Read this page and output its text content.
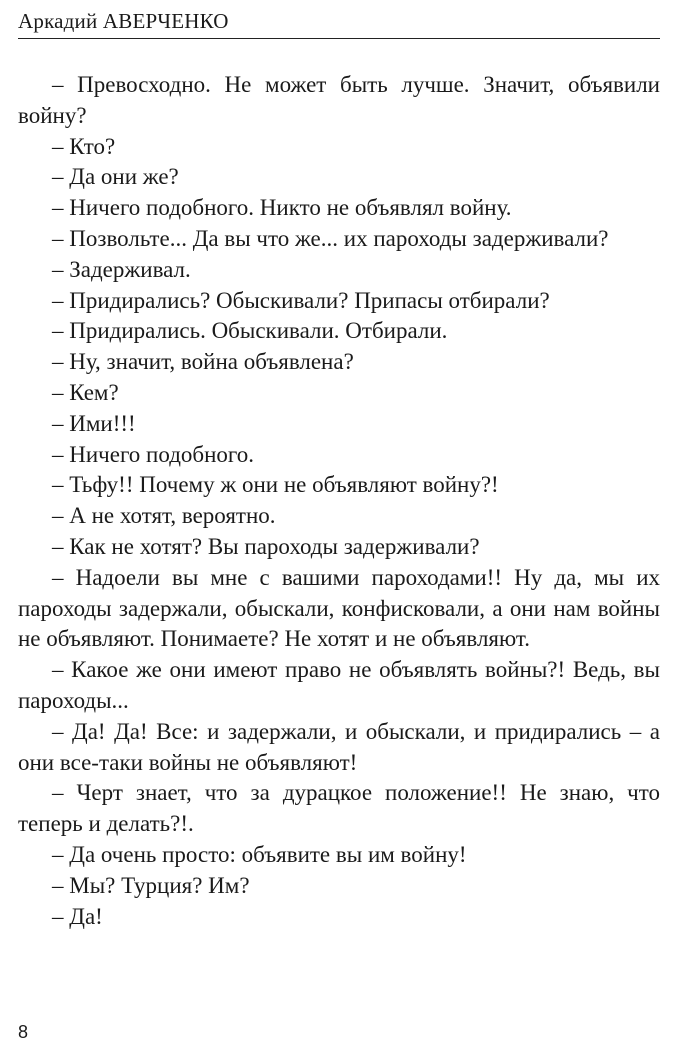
Аркадий АВЕРЧЕНКО

– Превосходно. Не может быть лучше. Значит, объявили войну?

– Кто?

– Да они же?

– Ничего подобного. Никто не объявлял войну.

– Позвольте... Да вы что же... их пароходы задерживали?

– Задерживал.

– Придирались? Обыскивали? Припасы отбирали?

– Придирались. Обыскивали. Отбирали.

– Ну, значит, война объявлена?

– Кем?

– Ими!!!

– Ничего подобного.

– Тьфу!! Почему ж они не объявляют войну?!

– А не хотят, вероятно.

– Как не хотят? Вы пароходы задерживали?

– Надоели вы мне с вашими пароходами!! Ну да, мы их пароходы задержали, обыскали, конфисковали, а они нам войны не объявляют. Понимаете? Не хотят и не объявляют.

– Какое же они имеют право не объявлять войны?! Ведь, вы пароходы...

– Да! Да! Все: и задержали, и обыскали, и придирались – а они все-таки войны не объявляют!

– Черт знает, что за дурацкое положение!! Не знаю, что теперь и делать?!.

– Да очень просто: объявите вы им войну!

– Мы? Турция? Им?

– Да!

8
